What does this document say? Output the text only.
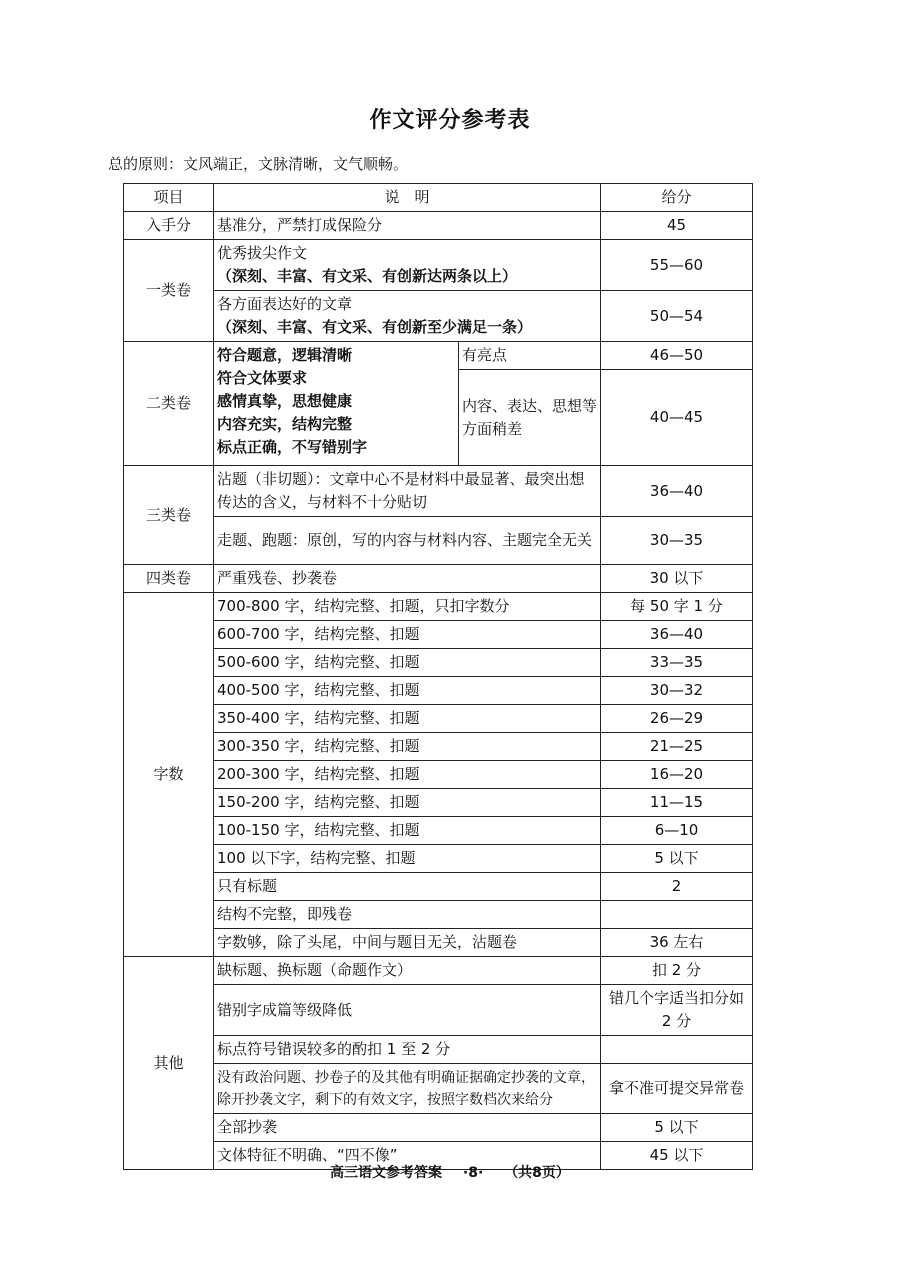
作文评分参考表
总的原则：文风端正，文脉清晰，文气顺畅。
项目	说　明		给分
入手分	基准分，严禁打成保险分		45
一类卷	优秀拔尖作文
（深刻、丰富、有文采、有创新达两条以上）		55—60

	各方面表达好的文章
（深刻、丰富、有文采、有创新至少满足一条）		50—54
二类卷	符合题意，逻辑清晰
符合文体要求
感情真挚，思想健康
内容充实，结构完整
标点正确，不写错别字	有亮点	46—50
		内容、表达、思想等方面稍差	40—45
三类卷	沾题（非切题）：文章中心不是材料中最显著、最突出想传达的含义，与材料不十分贴切		36—40
	走题、跑题：原创，写的内容与材料内容、主题完全无关		30—35
四类卷	严重残卷、抄袭卷		30 以下
字数	700-800 字，结构完整、扣题，只扣字数分		每 50 字 1 分
	600-700 字，结构完整、扣题		36—40
	500-600 字，结构完整、扣题		33—35
	400-500 字，结构完整、扣题		30—32
	350-400 字，结构完整、扣题		26—29
	300-350 字，结构完整、扣题		21—25
	200-300 字，结构完整、扣题		16—20
	150-200 字，结构完整、扣题		11—15
	100-150 字，结构完整、扣题		6—10
	100 以下字，结构完整、扣题		5 以下
	只有标题		2
	结构不完整，即残卷		
	字数够，除了头尾，中间与题目无关，沾题卷		36 左右
其他	缺标题、换标题（命题作文）		扣 2 分
	错别字成篇等级降低		错几个字适当扣分如 2 分
	标点符号错误较多的酌扣 1 至 2 分		
	没有政治问题、抄卷子的及其他有明确证据确定抄袭的文章，除开抄袭文字，剩下的有效文字，按照字数档次来给分		拿不准可提交异常卷
	全部抄袭		5 以下
	文体特征不明确、“四不像”		45 以下
高三语文参考答案 ·8· （共8页）
